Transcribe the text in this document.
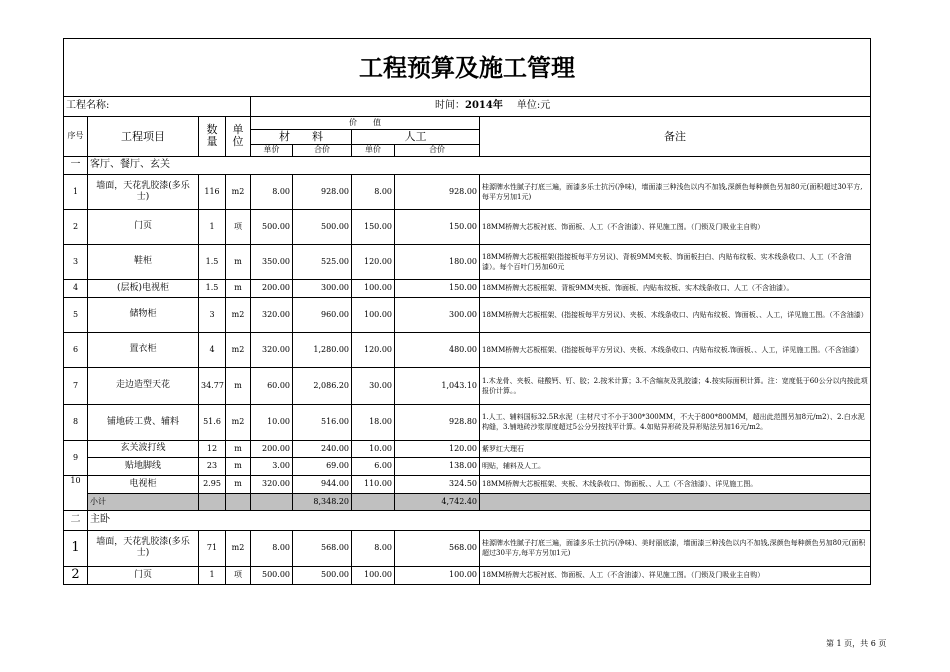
工程预算及施工管理								
工程名称:				时间：2014年 单位:元				
序号	工程项目	数量	单位	价　　值				备注
				材　　料		人工		
				单价	合价	单价	合价	
一	客厅、餐厅、玄关							
1	墙面，天花乳胶漆(多乐士)	116	m2	8.00	928.00	8.00	928.00	桂源牌水性腻子打底三遍，面漆多乐士抗污(净味)，墙面漆三种浅色以内不加钱,深颜色每种颜色另加80元(面积超过30平方,每平方另加1元)
2	门页	1	项	500.00	500.00	150.00	150.00	18MM桥牌大芯板衬底、饰面板、人工（不含油漆）、祥见施工图。（门锁及门吸业主自购）
3	鞋柜	1.5	m	350.00	525.00	120.00	180.00	18MM桥牌大芯板框架(指接板每平方另议)、背板9MM夹板、饰面板扫白、内贴布纹板、实木线条收口、人工（不含油漆）。每个百叶门另加60元
4	(层板)电视柜	1.5	m	200.00	300.00	100.00	150.00	18MM桥牌大芯板框架、背板9MM夹板、饰面板、内贴布纹板、实木线条收口、人工（不含油漆）。
5	储物柜	3	m2	320.00	960.00	100.00	300.00	18MM桥牌大芯板框架、(指接板每平方另议)、夹板、木线条收口、内贴布纹板、饰面板、、人工，详见施工图。（不含油漆）
6	置衣柜	4	m2	320.00	1,280.00	120.00	480.00	18MM桥牌大芯板框架、(指接板每平方另议)、夹板、木线条收口、内贴布纹板.饰面板、、人工，详见施工图。（不含油漆）
7	走边造型天花	34.77	m	60.00	2,086.20	30.00	1,043.10	1.木龙骨、夹板、硅酸钙、钉、胶；2.按米计算；3.不含编灰及乳胶漆；4.按实际面积计算。注：宽度低于60公分以内按此项报价计算。。
8	铺地砖工费、辅料	51.6	m2	10.00	516.00	18.00	928.80	1.人工、辅料国标32.5R水泥（主材尺寸不小于300*300MM，不大于800*800MM，超出此范围另加8元/m2）、2.白水泥构缝，3.铺地砖沙浆厚度超过5公分另按找平计算。4.如贴异形砖及异形贴法另加16元/m2。
9	玄关波打线	12	m	200.00	240.00	10.00	120.00	紫罗红大理石
	贴地脚线	23	m	3.00	69.00	6.00	138.00	明贴，辅料及人工。
10	电视柜	2.95	m	320.00	944.00	110.00	324.50	18MM桥牌大芯板框架、夹板、木线条收口、饰面板、、人工（不含油漆）、详见施工图。
	小计				8,348.20		4,742.40	
二	主卧							
1	墙面，天花乳胶漆(多乐士)	71	m2	8.00	568.00	8.00	568.00	桂源牌水性腻子打底三遍，面漆多乐士抗污(净味)、美时丽底漆，墙面漆三种浅色以内不加钱,深颜色每种颜色另加80元(面积超过30平方,每平方另加1元)
2	门页	1	项	500.00	500.00	100.00	100.00	18MM桥牌大芯板衬底、饰面板、人工（不含油漆）、祥见施工图。（门锁及门吸业主自购）
第 1 页，共 6 页
